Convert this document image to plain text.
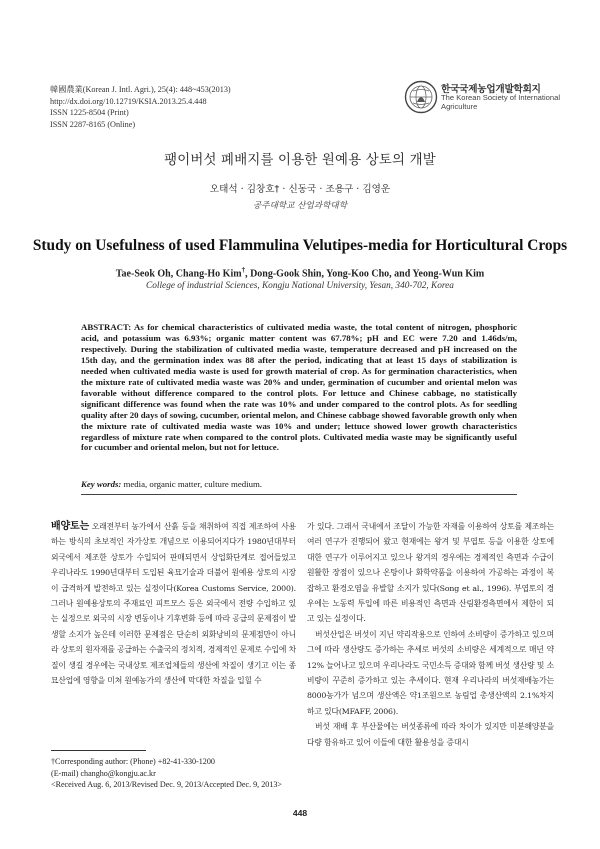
韓國農業(Korean J. Intl. Agri.), 25(4): 448~453(2013)
http://dx.doi.org/10.12719/KSIA.2013.25.4.448
ISSN 1225-8504 (Print)
ISSN 2287-8165 (Online)
한국국제농업개발학회지
The Korean Society of International
Agriculture
팽이버섯 폐배지를 이용한 원예용 상토의 개발
오태석 · 김창호† · 신동국 · 조용구 · 김영운
공주대학교 산업과학대학
Study on Usefulness of used Flammulina Velutipes-media for Horticultural Crops
Tae-Seok Oh, Chang-Ho Kim†, Dong-Gook Shin, Yong-Koo Cho, and Yeong-Wun Kim
College of industrial Sciences, Kongju National University, Yesan, 340-702, Korea
ABSTRACT: As for chemical characteristics of cultivated media waste, the total content of nitrogen, phosphoric acid, and potassium was 6.93%; organic matter content was 67.78%; pH and EC were 7.20 and 1.46ds/m, respectively. During the stabilization of cultivated media waste, temperature decreased and pH increased on the 15th day, and the germination index was 88 after the period, indicating that at least 15 days of stabilization is needed when cultivated media waste is used for growth material of crop. As for germination characteristics, when the mixture rate of cultivated media waste was 20% and under, germination of cucumber and oriental melon was favorable without difference compared to the control plots. For lettuce and Chinese cabbage, no statistically significant difference was found when the rate was 10% and under compared to the control plots. As for seedling quality after 20 days of sowing, cucumber, oriental melon, and Chinese cabbage showed favorable growth only when the mixture rate of cultivated media waste was 10% and under; lettuce showed lower growth characteristics regardless of mixture rate when compared to the control plots. Cultivated media waste may be significantly useful for cucumber and oriental melon, but not for lettuce.
Key words: media, organic matter, culture medium.
배양토는 오래전부터 농가에서 산흙 등을 채취하여 직접 제조하여 사용하는 방식의 초보적인 자가상토 개념으로 이용되어지다가 1980년대부터 외국에서 제조한 상토가 수입되어 판매되면서 상업화단계로 접어들었고 우리나라도 1990년대부터 도입된 육묘기술과 더불어 원예용 상토의 시장이 급격하게 발전하고 있는 실정이다(Korea Customs Service, 2000). 그러나 원예용상토의 주재료인 피트모스 등은 외국에서 전량 수입하고 있는 실정으로 외국의 시장 변동이나 기후변화 등에 따라 공급의 문제점이 발생할 소지가 높은데 이러한 문제점은 단순히 외화낭비의 문제점만이 아니라 상토의 원자재를 공급하는 수출국의 정치적, 경제적인 문제로 수입에 차질이 생길 경우에는 국내상토 제조업체들의 생산에 차질이 생기고 이는 종묘산업에 영향을 미쳐 원예농가의 생산에 막대한 차질을 입힐 수
가 있다. 그래서 국내에서 조달이 가능한 자재를 이용하여 상토를 제조하는 여러 연구가 진행되어 왔고 현재에는 왕겨 및 부엽토 등을 이용한 상토에 대한 연구가 이루어지고 있으나 왕겨의 경우에는 경제적인 측면과 수급이 원활한 장점이 있으나 온탕이나 화학약품을 이용하여 가공하는 과정이 복잡하고 환경오염을 유발할 소지가 있다(Song et al., 1996). 부엽토의 경우에는 노동력 투입에 따른 비용적인 측면과 산림환경측면에서 제한이 되고 있는 실정이다.
버섯산업은 버섯이 지닌 약리작용으로 인하여 소비량이 증가하고 있으며 그에 따라 생산량도 증가하는 추세로 버섯의 소비량은 세계적으로 매년 약 12% 늘어나고 있으며 우리나라도 국민소득 증대와 함께 버섯 생산량 및 소비량이 꾸준히 증가하고 있는 추세이다. 현재 우리나라의 버섯재배농가는 8000농가가 넘으며 생산액은 약1조원으로 농림업 총생산액의 2.1%차지하고 있다(MFAFF, 2006).
버섯 재배 후 부산물에는 버섯종류에 따라 차이가 있지만 미분해양분을 다량 함유하고 있어 이들에 대한 활용성을 증대시
†Corresponding author: (Phone) +82-41-330-1200
(E-mail) changho@kongju.ac.kr
<Received Aug. 6, 2013/Revised Dec. 9, 2013/Accepted Dec. 9, 2013>
448
